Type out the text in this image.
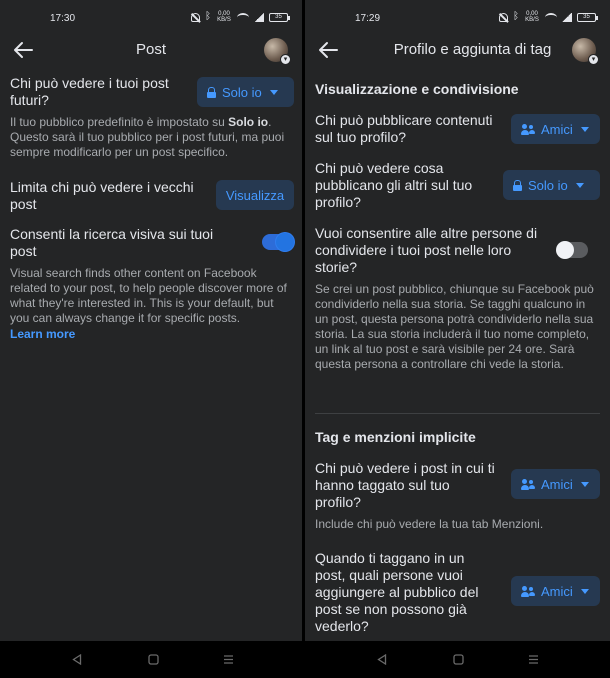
17:30	ᛒ	0,00 KB/S
35
Post
▾
Chi può vedere i tuoi post futuri?	Solo io
Il tuo pubblico predefinito è impostato su Solo io. Questo sarà il tuo pubblico per i post futuri, ma puoi sempre modificarlo per un post specifico.
Limita chi può vedere i vecchi post
Visualizza
Consenti la ricerca visiva sui tuoi post
Visual search finds other content on Facebook related to your post, to help people discover more of what they're interested in. This is your default, but you can always change it for specific posts.
Learn more
17:29	ᛒ	0,00 KB/S
35
Profilo e aggiunta di tag
▾
Visualizzazione e condivisione
Chi può pubblicare contenuti sul tuo profilo?	Amici
Chi può vedere cosa pubblicano gli altri sul tuo profilo?
Solo io
Vuoi consentire alle altre persone di condividere i tuoi post nelle loro storie?
Se crei un post pubblico, chiunque su Facebook può condividerlo nella sua storia. Se tagghi qualcuno in un post, questa persona potrà condividerlo nella sua storia. La sua storia includerà il tuo nome completo, un link al tuo post e sarà visibile per 24 ore. Sarà questa persona a controllare chi vede la storia.
Tag e menzioni implicite
Chi può vedere i post in cui ti hanno taggato sul tuo profilo?
Amici
Include chi può vedere la tua tab Menzioni.
Quando ti taggano in un post, quali persone vuoi aggiungere al pubblico del post se non possono già vederlo?
Amici
